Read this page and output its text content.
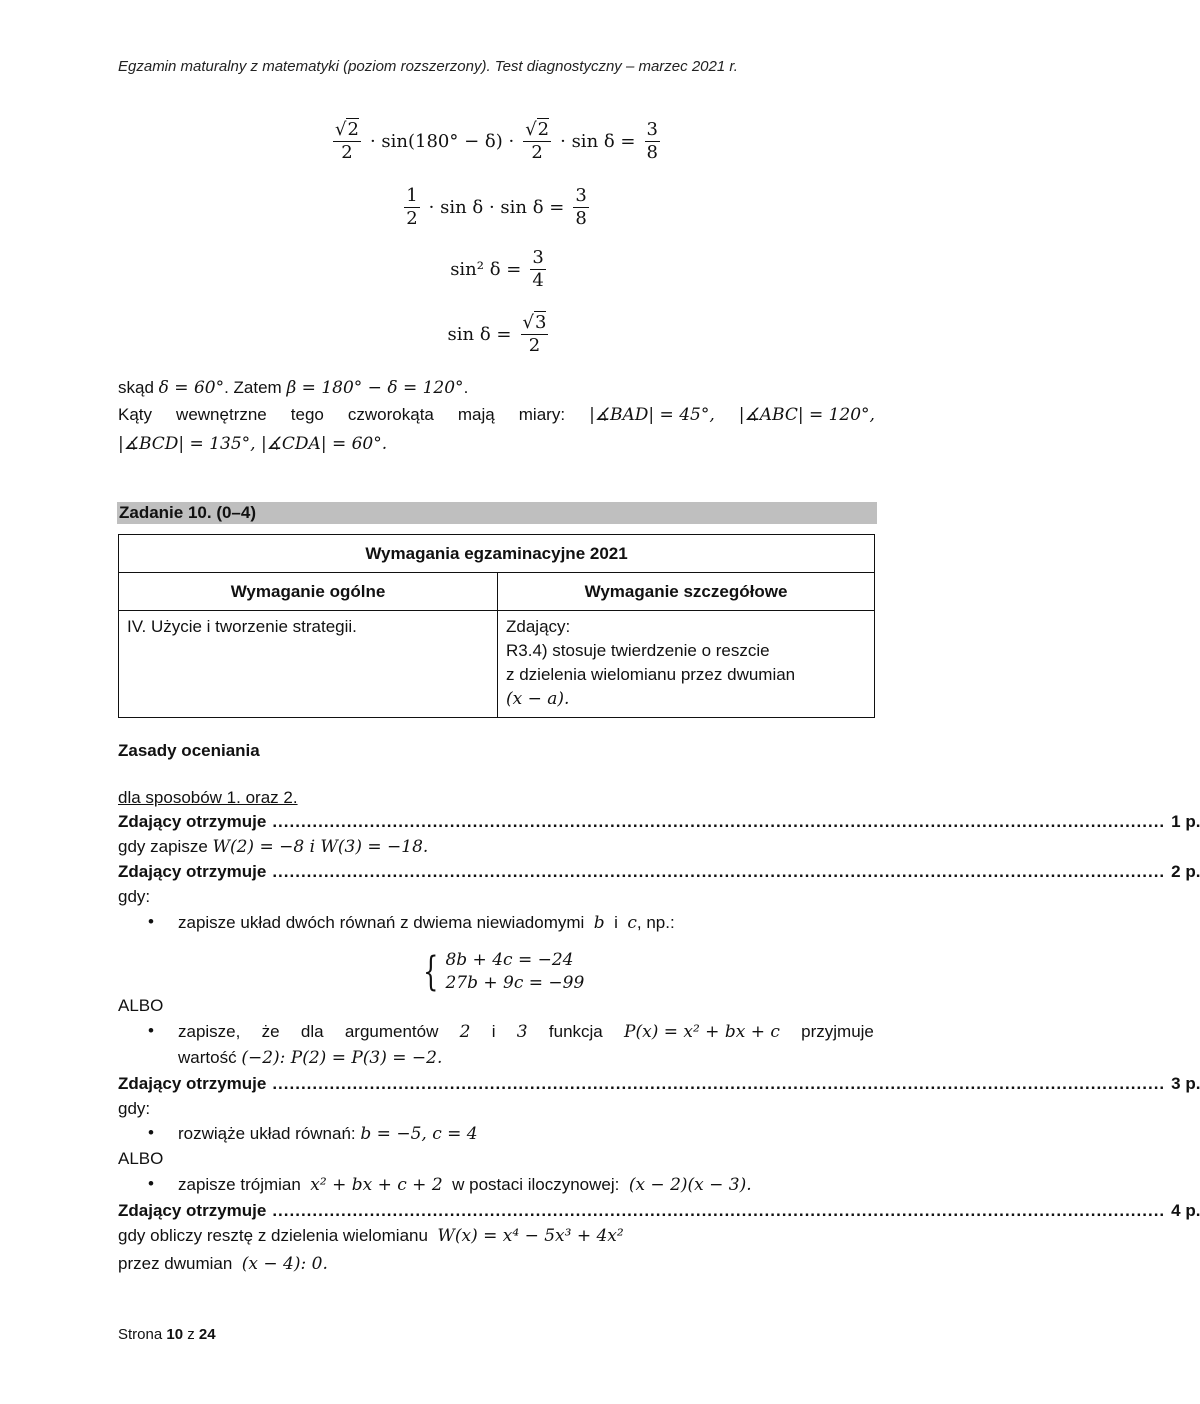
Egzamin maturalny z matematyki (poziom rozszerzony). Test diagnostyczny – marzec 2021 r.
$\frac{√2}{2} \cdot \sin(180^\circ - \delta) \cdot \frac{√2}{2} \cdot \sin \delta = \frac{3}{8}$
$\frac{1}{2} \cdot \sin \delta \cdot \sin \delta = \frac{3}{8}$
sin² $\delta = \frac{3}{4}$
$\sin \delta = \frac{√3}{2}$
skąd δ = 60°. Zatem β = 180° − δ = 120°.
Kąty wewnętrzne tego czworokąta mają miary: |∡BAD| = 45°, |∡ABC| = 120°,
|∡BCD| = 135°, |∡CDA| = 60°.
Zadanie 10. (0–4)
Wymagania egzaminacyjne 2021	
Wymaganie ogólne	Wymaganie szczegółowe
IV. Użycie i tworzenie strategii.	Zdający:
R3.4) stosuje twierdzenie o reszcie
z dzielenia wielomianu przez dwumian
(x − a).
Zasady oceniania
dla sposobów 1. oraz 2.
Zdający otrzymuje ............................................................................................................................................................ 1 p.
gdy zapisze W(2) = −8 i W(3) = −18.
Zdający otrzymuje ............................................................................................................................................................ 2 p.
gdy:
• zapisze układ dwóch równań z dwiema niewiadomymi b i c, np.:
{ 8b + 4c = −24
27b + 9c = −99
ALBO
• zapisze, że dla argumentów 2 i 3 funkcja P(x) = x² + bx + c przyjmuje
wartość (−2): P(2) = P(3) = −2.
Zdający otrzymuje ............................................................................................................................................................ 3 p.
gdy:
• rozwiąże układ równań: b = −5, c = 4
ALBO
• zapisze trójmian x² + bx + c + 2 w postaci iloczynowej: (x − 2)(x − 3).
Zdający otrzymuje ............................................................................................................................................................ 4 p.
gdy obliczy resztę z dzielenia wielomianu W(x) = x⁴ − 5x³ + 4x²
przez dwumian (x − 4): 0.
Strona 10 z 24
